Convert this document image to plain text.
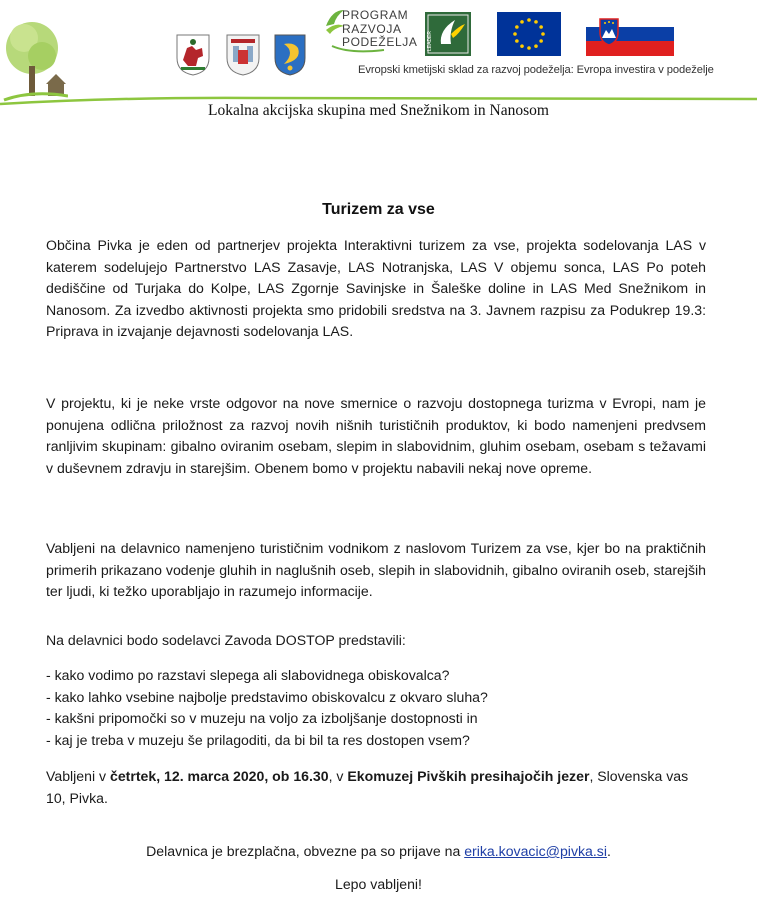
PROGRAM
RAZVOJA
PODEŽELJA LEADER
Evropski kmetijski sklad za razvoj podeželja: Evropa investira v podeželje
Lokalna akcijska skupina med Snežnikom in Nanosom
Turizem za vse

Občina Pivka je eden od partnerjev projekta Interaktivni turizem za vse, projekta sodelovanja LAS v katerem sodelujejo Partnerstvo LAS Zasavje, LAS Notranjska, LAS V objemu sonca, LAS Po poteh dediščine od Turjaka do Kolpe, LAS Zgornje Savinjske in Šaleške doline in LAS Med Snežnikom in Nanosom. Za izvedbo aktivnosti projekta smo pridobili sredstva na 3. Javnem razpisu za Podukrep 19.3: Priprava in izvajanje dejavnosti sodelovanja LAS.

V projektu, ki je neke vrste odgovor na nove smernice o razvoju dostopnega turizma v Evropi, nam je ponujena odlična priložnost za razvoj novih nišnih turističnih produktov, ki bodo namenjeni predvsem ranljivim skupinam: gibalno oviranim osebam, slepim in slabovidnim, gluhim osebam, osebam s težavami v duševnem zdravju in starejšim. Obenem bomo v projektu nabavili nekaj nove opreme.

Vabljeni na delavnico namenjeno turističnim vodnikom z naslovom Turizem za vse, kjer bo na praktičnih primerih prikazano vodenje gluhih in naglušnih oseb, slepih in slabovidnih, gibalno oviranih oseb, starejših ter ljudi, ki težko uporabljajo in razumejo informacije.

Na delavnici bodo sodelavci Zavoda DOSTOP predstavili:

- kako vodimo po razstavi slepega ali slabovidnega obiskovalca?
- kako lahko vsebine najbolje predstavimo obiskovalcu z okvaro sluha?
- kakšni pripomočki so v muzeju na voljo za izboljšanje dostopnosti in
- kaj je treba v muzeju še prilagoditi, da bi bil ta res dostopen vsem?
Vabljeni v četrtek, 12. marca 2020, ob 16.30, v Ekomuzej Pivških presihajočih jezer, Slovenska vas
10, Pivka.
Delavnica je brezplačna, obvezne pa so prijave na erika.kovacic@pivka.si.
Lepo vabljeni!
